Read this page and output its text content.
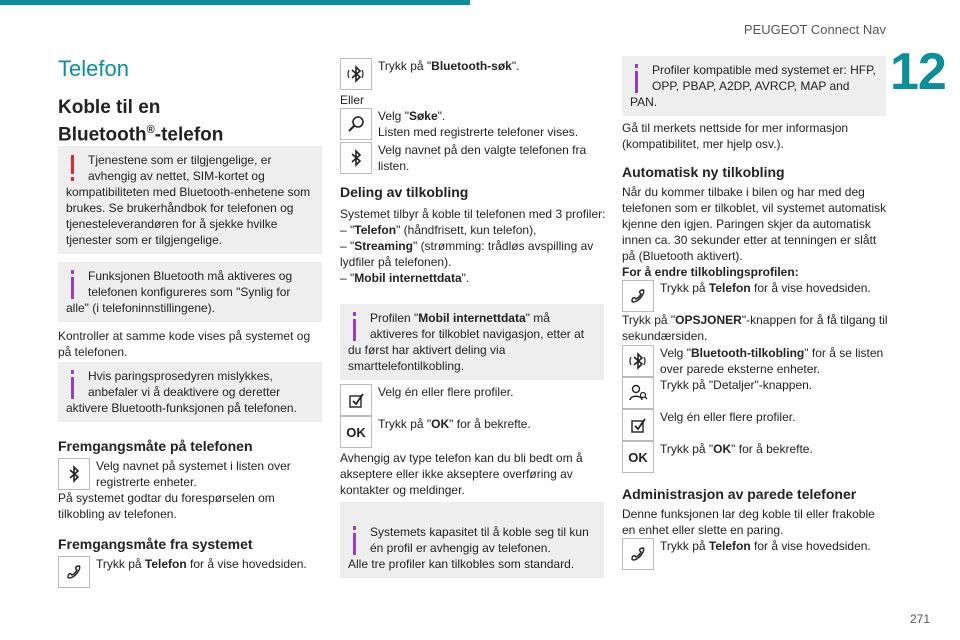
PEUGEOT Connect Nav
12
Telefon
Koble til en
Bluetooth®-telefon
Tjenestene som er tilgjengelige, er avhengig av nettet, SIM-kortet og kompatibiliteten med Bluetooth-enhetene som brukes. Se brukerhåndbok for telefonen og tjenesteleverandøren for å sjekke hvilke tjenester som er tilgjengelige.
Funksjonen Bluetooth må aktiveres og telefonen konfigureres som "Synlig for alle" (i telefoninnstillingene).
Kontroller at samme kode vises på systemet og på telefonen.
Hvis paringsprosedyren mislykkes, anbefaler vi å deaktivere og deretter aktivere Bluetooth-funksjonen på telefonen.
Fremgangsmåte på telefonen
Velg navnet på systemet i listen over registrerte enheter.
På systemet godtar du forespørselen om tilkobling av telefonen.
Fremgangsmåte fra systemet
Trykk på Telefon for å vise hovedsiden.
Trykk på "Bluetooth-søk".
Eller
Velg "Søke".
Listen med registrerte telefoner vises.
Velg navnet på den valgte telefonen fra listen.
Deling av tilkobling
Systemet tilbyr å koble til telefonen med 3 profiler:
– "Telefon" (håndfrisett, kun telefon),
– "Streaming" (strømming: trådløs avspilling av lydfiler på telefonen).
– "Mobil internettdata".
Profilen "Mobil internettdata" må aktiveres for tilkoblet navigasjon, etter at du først har aktivert deling via smarttelefontilkobling.
Velg én eller flere profiler.
OK
Trykk på "OK" for å bekrefte.
Avhengig av type telefon kan du bli bedt om å akseptere eller ikke akseptere overføring av kontakter og meldinger.

Systemets kapasitet til å koble seg til kun én profil er avhengig av telefonen.
Alle tre profiler kan tilkobles som standard.

Profiler kompatible med systemet er: HFP, OPP, PBAP, A2DP, AVRCP, MAP and PAN.
Gå til merkets nettside for mer informasjon (kompatibilitet, mer hjelp osv.).
Automatisk ny tilkobling
Når du kommer tilbake i bilen og har med deg telefonen som er tilkoblet, vil systemet automatisk kjenne den igjen. Paringen skjer da automatisk innen ca. 30 sekunder etter at tenningen er slått på (Bluetooth aktivert).
For å endre tilkoblingsprofilen:
Trykk på Telefon for å vise hovedsiden.
Trykk på "OPSJONER"-knappen for å få tilgang til sekundærsiden.
Velg "Bluetooth-tilkobling" for å se listen over parede eksterne enheter.
Trykk på "Detaljer"-knappen.
Velg én eller flere profiler.
OK
Trykk på "OK" for å bekrefte.
Administrasjon av parede telefoner
Denne funksjonen lar deg koble til eller frakoble en enhet eller slette en paring.
Trykk på Telefon for å vise hovedsiden.
271
